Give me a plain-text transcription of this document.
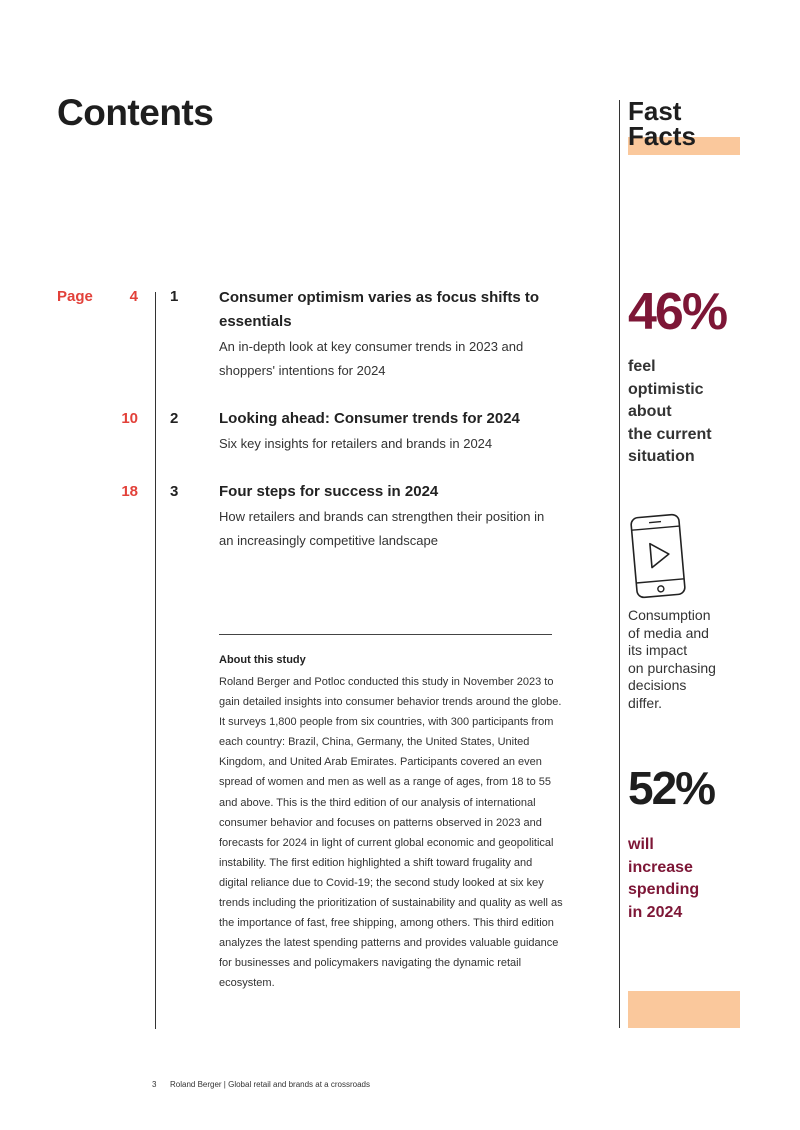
Contents
Page	4 1	Consumer optimism varies as focus shifts to essentials
An in-depth look at key consumer trends in 2023 and shoppers' intentions for 2024
10 2	Looking ahead: Consumer trends for 2024
Six key insights for retailers and brands in 2024
18 3	Four steps for success in 2024
How retailers and brands can strengthen their position in an increasingly competitive landscape
About this study
Roland Berger and Potloc conducted this study in November 2023 to gain detailed insights into consumer behavior trends around the globe. It surveys 1,800 people from six countries, with 300 participants from each country: Brazil, China, Germany, the United States, United Kingdom, and United Arab Emirates. Participants covered an even spread of women and men as well as a range of ages, from 18 to 55 and above. This is the third edition of our analysis of international consumer behavior and focuses on patterns observed in 2023 and forecasts for 2024 in light of current global economic and geopolitical instability. The first edition highlighted a shift toward frugality and digital reliance due to Covid-19; the second study looked at six key trends including the prioritization of sustainability and quality as well as the importance of fast, free shipping, among others. This third edition analyzes the latest spending patterns and provides valuable guidance for businesses and policymakers navigating the dynamic retail ecosystem.
Fast
Facts
46%
feel
optimistic
about
the current
situation
Consumption
of media and
its impact
on purchasing
decisions
differ.
52%
will
increase
spending
in 2024
3 Roland Berger | Global retail and brands at a crossroads
